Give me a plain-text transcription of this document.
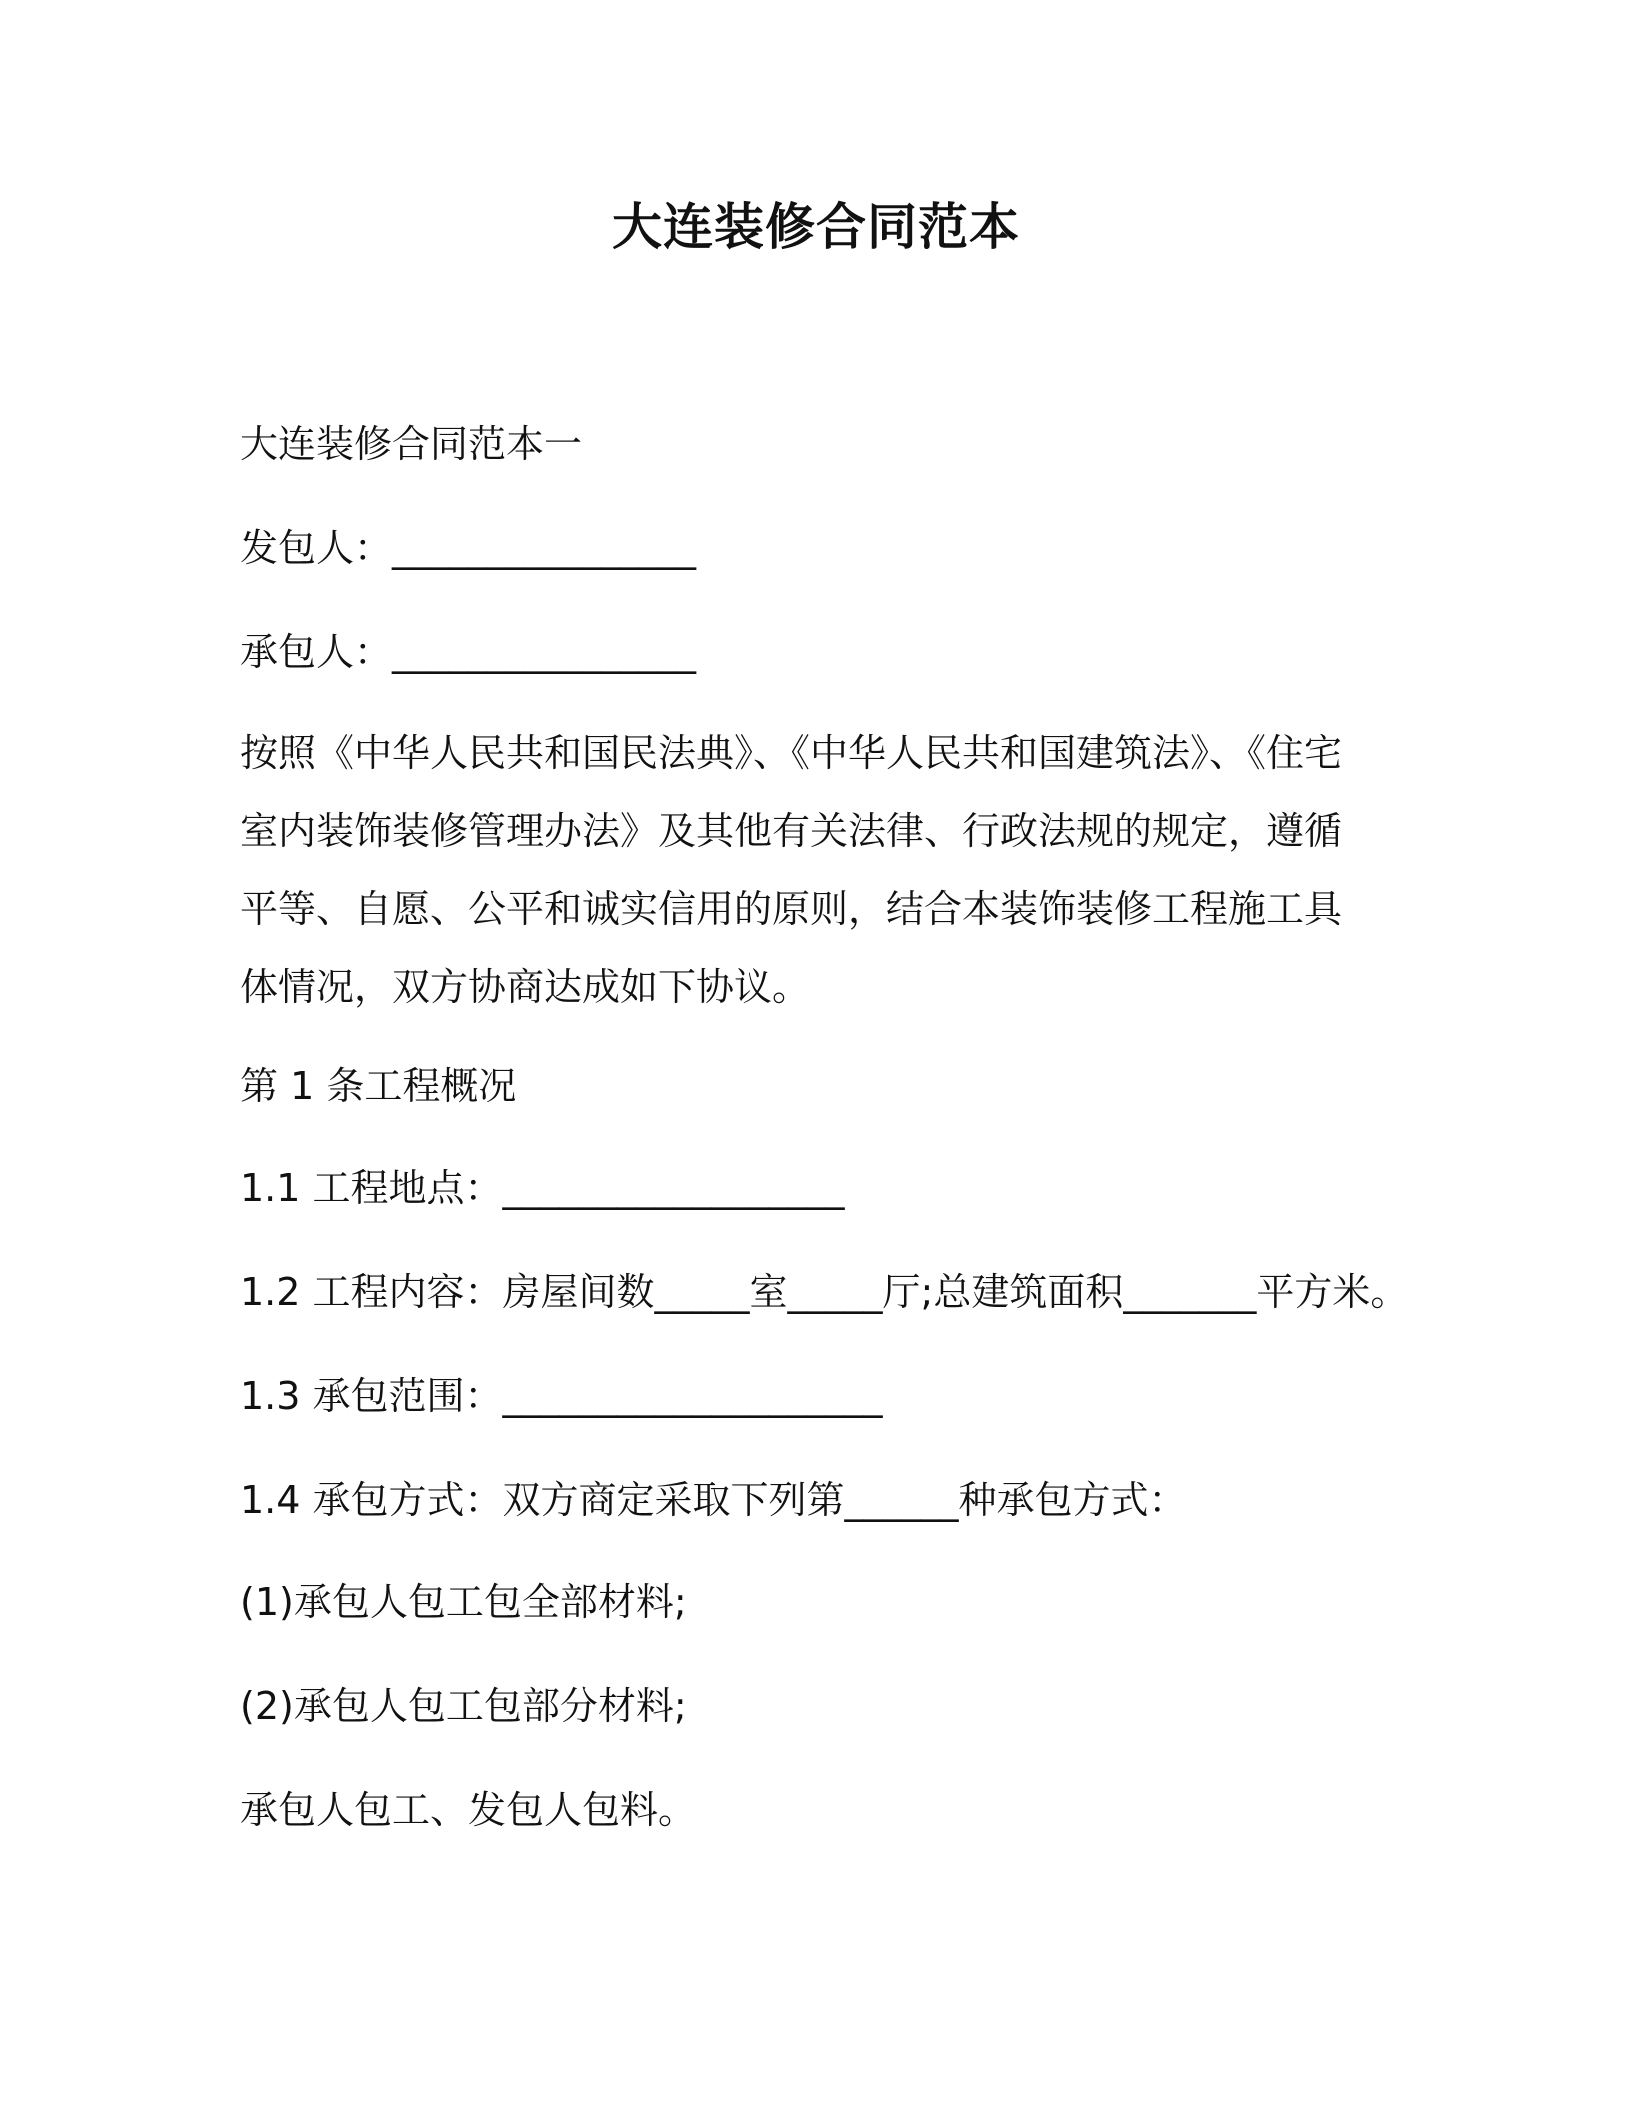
大连装修合同范本
大连装修合同范本一
发包人：________________
承包人：________________
按照《中华人民共和国民法典》、《中华人民共和国建筑法》、《住宅室内装饰装修管理办法》及其他有关法律、行政法规的规定，遵循平等、自愿、公平和诚实信用的原则，结合本装饰装修工程施工具体情况，双方协商达成如下协议。
第 1 条工程概况
1.1 工程地点：__________________
1.2 工程内容：房屋间数_____室_____厅;总建筑面积_______平方米。
1.3 承包范围：____________________
1.4 承包方式：双方商定采取下列第______种承包方式：
(1)承包人包工包全部材料;
(2)承包人包工包部分材料;
承包人包工、发包人包料。
